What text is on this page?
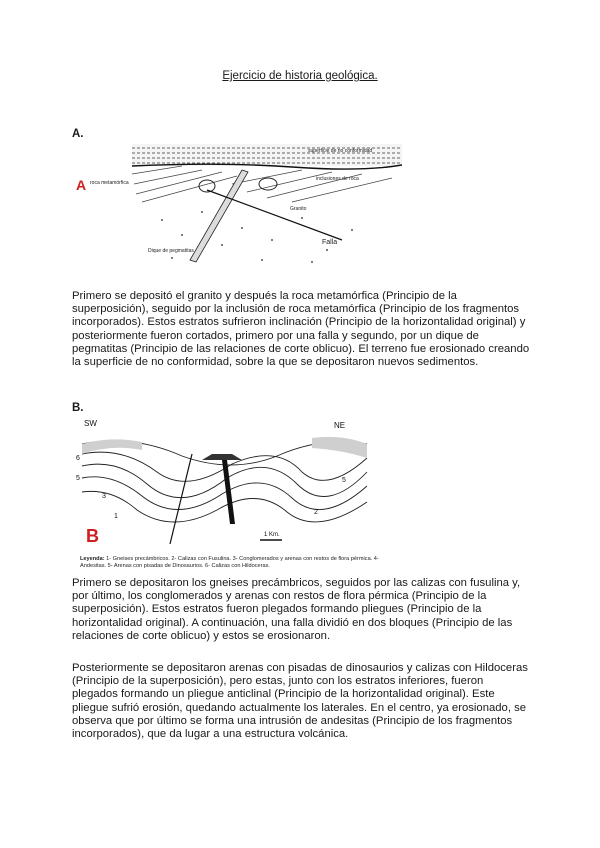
Ejercicio de historia geológica.
A.
A roca metamórfica
superficie de no conformidad
inclusiones de roca
Granito
Dique de pegmatitas
Falla

Primero se depositó el granito y después la roca metamórfica (Principio de la superposición), seguido por la inclusión de roca metamórfica (Principio de los fragmentos incorporados). Estos estratos sufrieron inclinación (Principio de la horizontalidad original) y posteriormente fueron cortados, primero por una falla y segundo, por un dique de pegmatitas (Principio de las relaciones de corte oblicuo). El terreno fue erosionado creando la superficie de no conformidad, sobre la que se depositaron nuevos sedimentos.

B.
SW	NE
6
5
3
1
5
2
B	1 Km.
Leyenda: 1- Gneises precámbricos. 2- Calizas con Fusulina. 3- Conglomerados y arenas con restos de flora pérmica. 4- Andesitas. 5- Arenas con pisadas de Dinosaurios. 6- Calizas con Hildoceras.

Primero se depositaron los gneises precámbricos, seguidos por las calizas con fusulina y, por último, los conglomerados y arenas con restos de flora pérmica (Principio de la superposición). Estos estratos fueron plegados formando pliegues (Principio de la horizontalidad original). A continuación, una falla dividió en dos bloques (Principio de las relaciones de corte oblicuo) y estos se erosionaron.

Posteriormente se depositaron arenas con pisadas de dinosaurios y calizas con Hildoceras (Principio de la superposición), pero estas, junto con los estratos inferiores, fueron plegados formando un pliegue anticlinal (Principio de la horizontalidad original). Este pliegue sufrió erosión, quedando actualmente los laterales. En el centro, ya erosionado, se observa que por último se forma una intrusión de andesitas (Principio de los fragmentos incorporados), que da lugar a una estructura volcánica.
